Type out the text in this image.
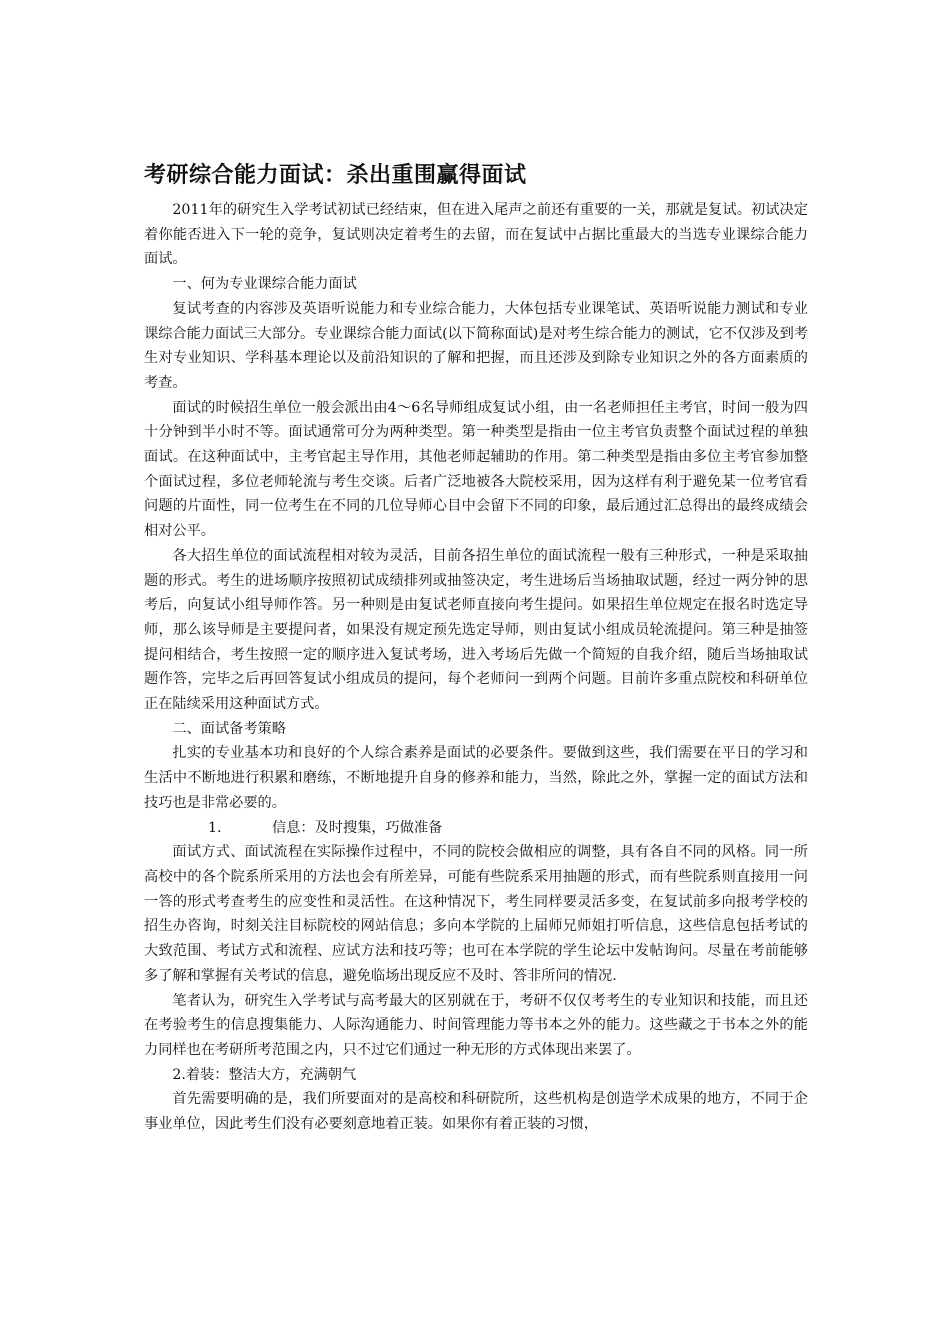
考研综合能力面试：杀出重围赢得面试

2011年的研究生入学考试初试已经结束，但在进入尾声之前还有重要的一关，那就是复试。初试决定着你能否进入下一轮的竞争，复试则决定着考生的去留，而在复试中占据比重最大的当选专业课综合能力面试。

一、何为专业课综合能力面试

复试考查的内容涉及英语听说能力和专业综合能力，大体包括专业课笔试、英语听说能力测试和专业课综合能力面试三大部分。专业课综合能力面试(以下简称面试)是对考生综合能力的测试，它不仅涉及到考生对专业知识、学科基本理论以及前沿知识的了解和把握，而且还涉及到除专业知识之外的各方面素质的考查。

面试的时候招生单位一般会派出由4～6名导师组成复试小组，由一名老师担任主考官，时间一般为四十分钟到半小时不等。面试通常可分为两种类型。第一种类型是指由一位主考官负责整个面试过程的单独面试。在这种面试中，主考官起主导作用，其他老师起辅助的作用。第二种类型是指由多位主考官参加整个面试过程，多位老师轮流与考生交谈。后者广泛地被各大院校采用，因为这样有利于避免某一位考官看问题的片面性，同一位考生在不同的几位导师心目中会留下不同的印象，最后通过汇总得出的最终成绩会相对公平。

各大招生单位的面试流程相对较为灵活，目前各招生单位的面试流程一般有三种形式，一种是采取抽题的形式。考生的进场顺序按照初试成绩排列或抽签决定，考生进场后当场抽取试题，经过一两分钟的思考后，向复试小组导师作答。另一种则是由复试老师直接向考生提问。如果招生单位规定在报名时选定导师，那么该导师是主要提问者，如果没有规定预先选定导师，则由复试小组成员轮流提问。第三种是抽签提问相结合，考生按照一定的顺序进入复试考场，进入考场后先做一个简短的自我介绍，随后当场抽取试题作答，完毕之后再回答复试小组成员的提问，每个老师问一到两个问题。目前许多重点院校和科研单位正在陆续采用这种面试方式。

二、面试备考策略

扎实的专业基本功和良好的个人综合素养是面试的必要条件。要做到这些，我们需要在平日的学习和生活中不断地进行积累和磨练，不断地提升自身的修养和能力，当然，除此之外，掌握一定的面试方法和技巧也是非常必要的。

1.	信息：及时搜集，巧做准备

面试方式、面试流程在实际操作过程中，不同的院校会做相应的调整，具有各自不同的风格。同一所高校中的各个院系所采用的方法也会有所差异，可能有些院系采用抽题的形式，而有些院系则直接用一问一答的形式考查考生的应变性和灵活性。在这种情况下，考生同样要灵活多变，在复试前多向报考学校的招生办咨询，时刻关注目标院校的网站信息；多向本学院的上届师兄师姐打听信息，这些信息包括考试的大致范围、考试方式和流程、应试方法和技巧等；也可在本学院的学生论坛中发帖询问。尽量在考前能够多了解和掌握有关考试的信息，避免临场出现反应不及时、答非所问的情况.

笔者认为，研究生入学考试与高考最大的区别就在于，考研不仅仅考考生的专业知识和技能，而且还在考验考生的信息搜集能力、人际沟通能力、时间管理能力等书本之外的能力。这些藏之于书本之外的能力同样也在考研所考范围之内，只不过它们通过一种无形的方式体现出来罢了。

2.着装：整洁大方，充满朝气

首先需要明确的是，我们所要面对的是高校和科研院所，这些机构是创造学术成果的地方，不同于企事业单位，因此考生们没有必要刻意地着正装。如果你有着正装的习惯，
